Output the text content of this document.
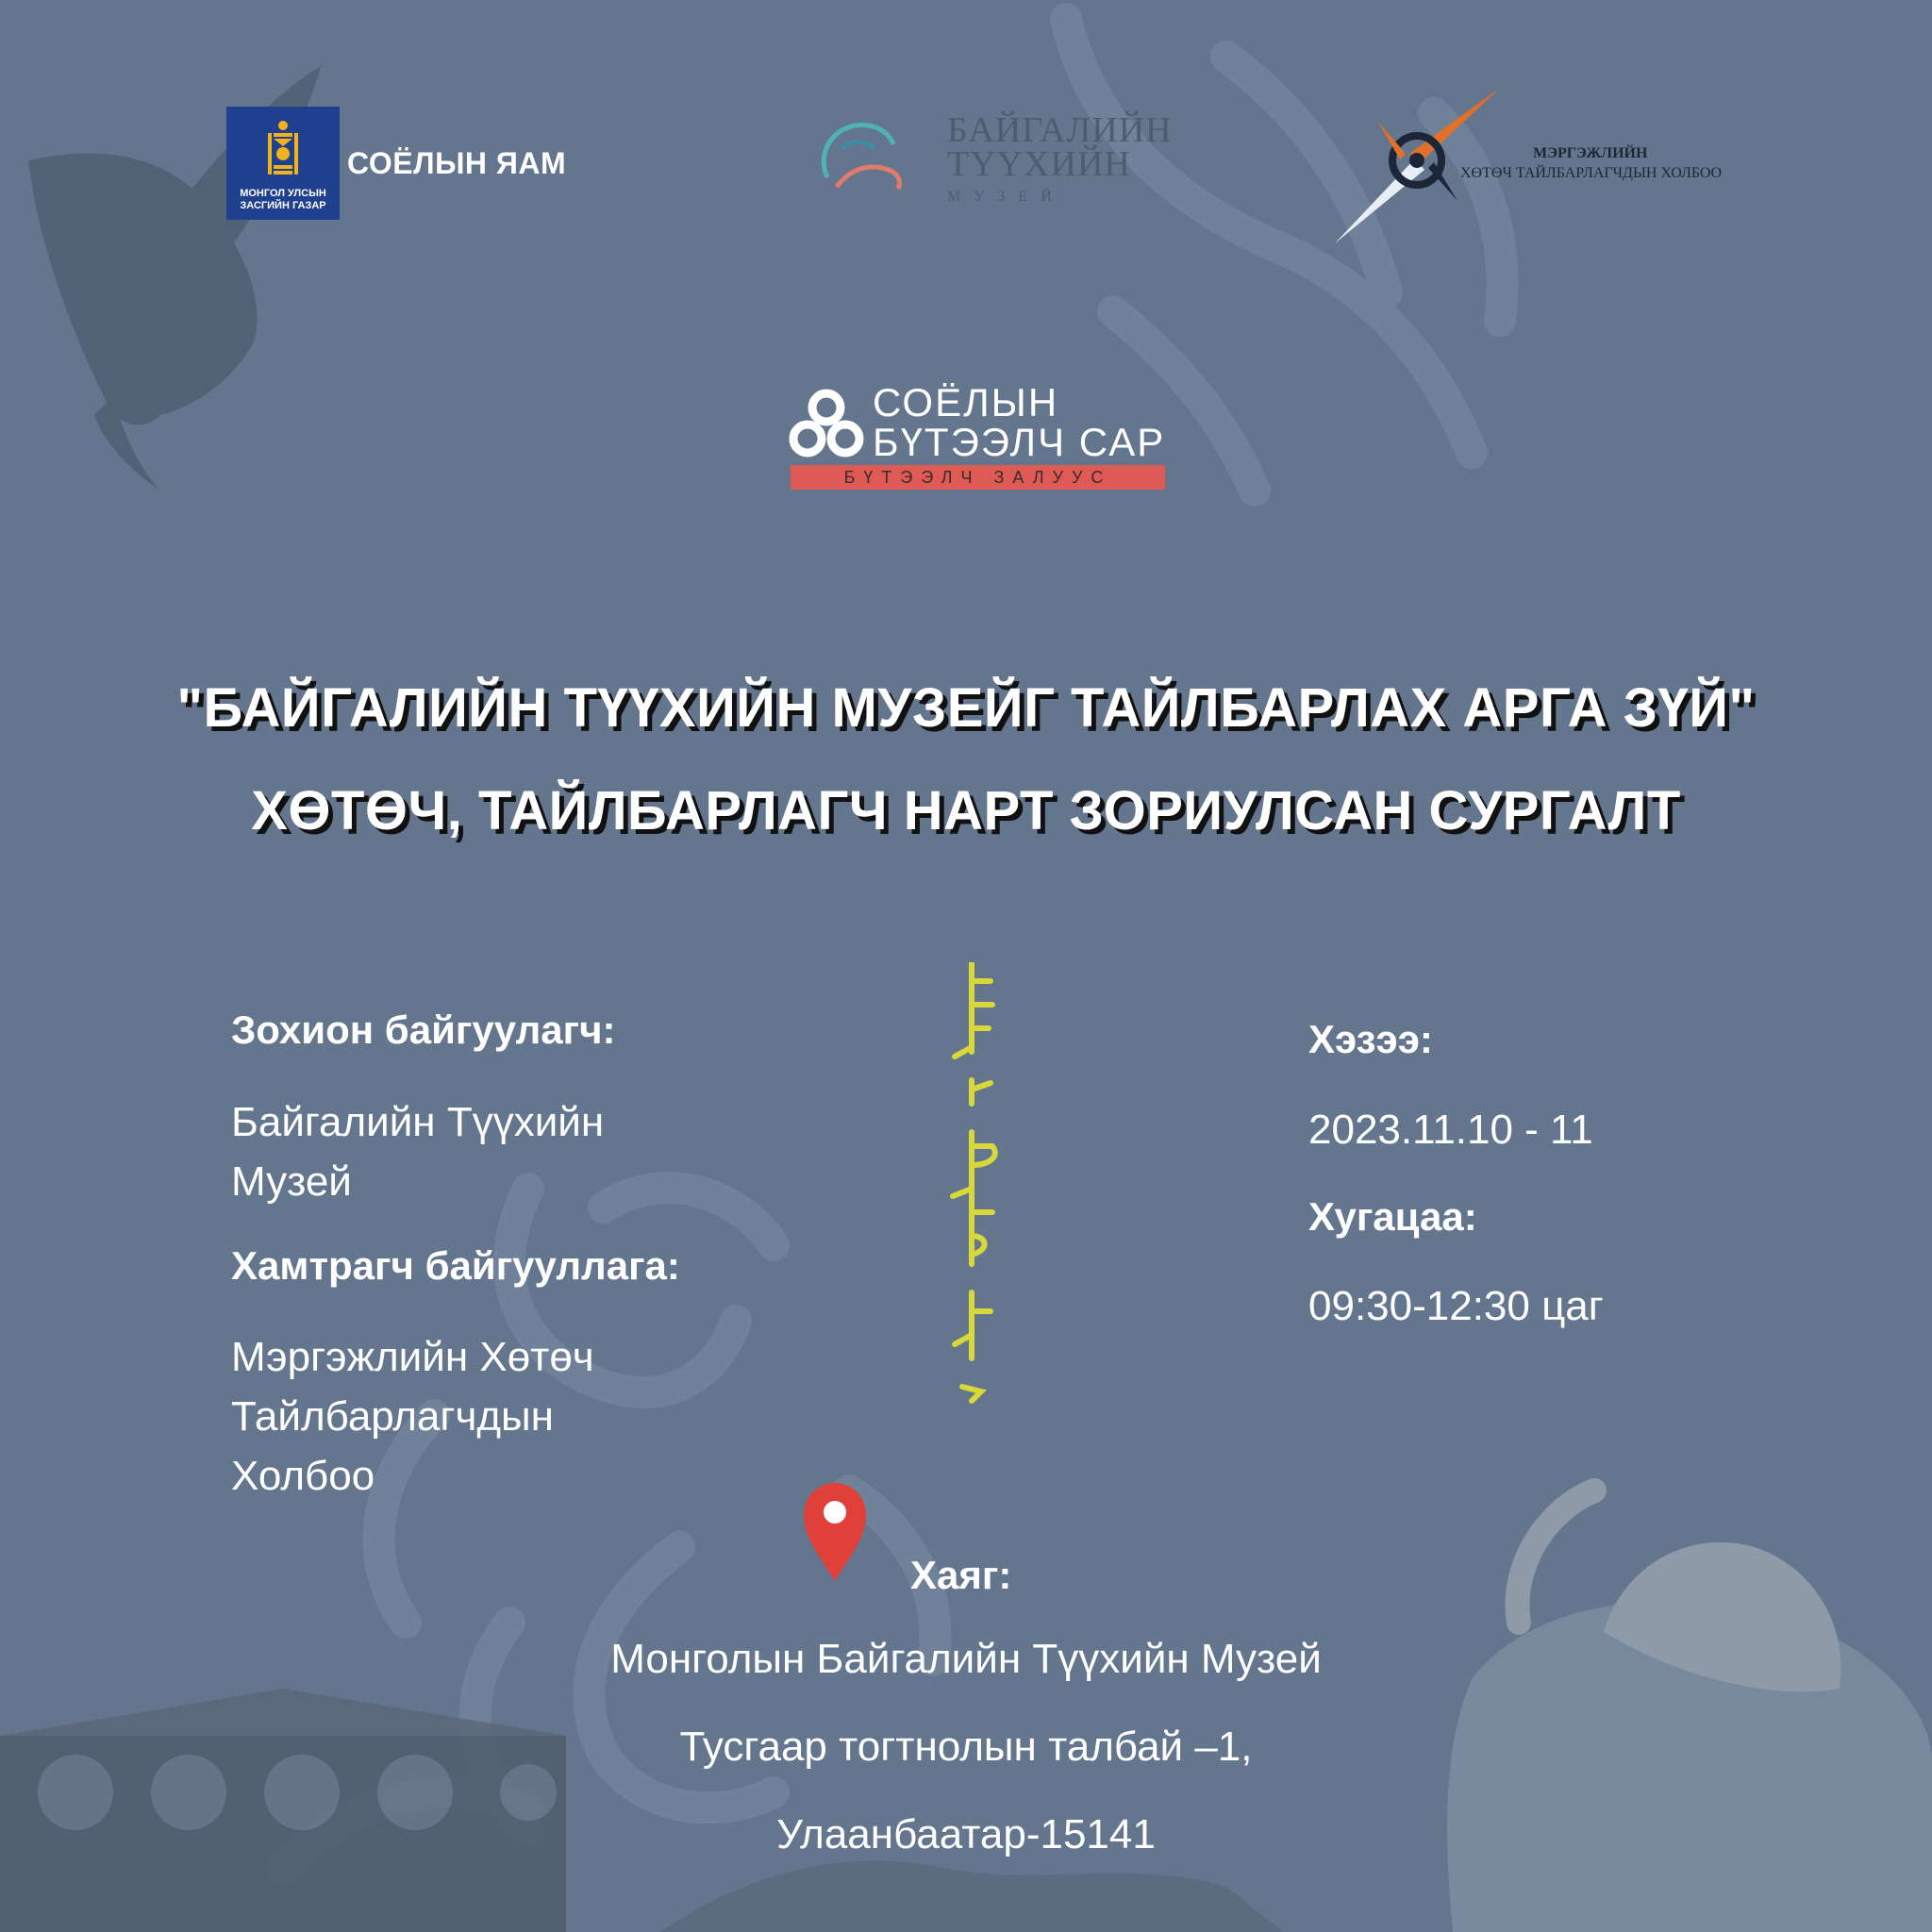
МОНГОЛ УЛСЫН ЗАСГИЙН ГАЗАР
СОЁЛЫН ЯАМ
БАЙГАЛИЙН
ТҮҮХИЙН
МУЗЕЙ
МЭРГЭЖЛИЙН
ХӨТӨЧ ТАЙЛБАРЛАГЧДЫН ХОЛБОО
СОЁЛЫН
БҮТЭЭЛЧ САР
БҮТЭЭЛЧ ЗАЛУУС
"БАЙГАЛИЙН ТҮҮХИЙН МУЗЕЙГ ТАЙЛБАРЛАХ АРГА ЗҮЙ"
ХӨТӨЧ, ТАЙЛБАРЛАГЧ НАРТ ЗОРИУЛСАН СУРГАЛТ
Зохион байгуулагч:
Байгалийн Түүхийн Музей
Хамтрагч байгууллага:
Мэргэжлийн Хөтөч Тайлбарлагчдын Холбоо
Хэзээ:
2023.11.10 - 11
Хугацаа:
09:30-12:30 цаг
Хаяг:
Монголын Байгалийн Түүхийн Музей
Тусгаар тогтнолын талбай –1,
Улаанбаатар-15141
